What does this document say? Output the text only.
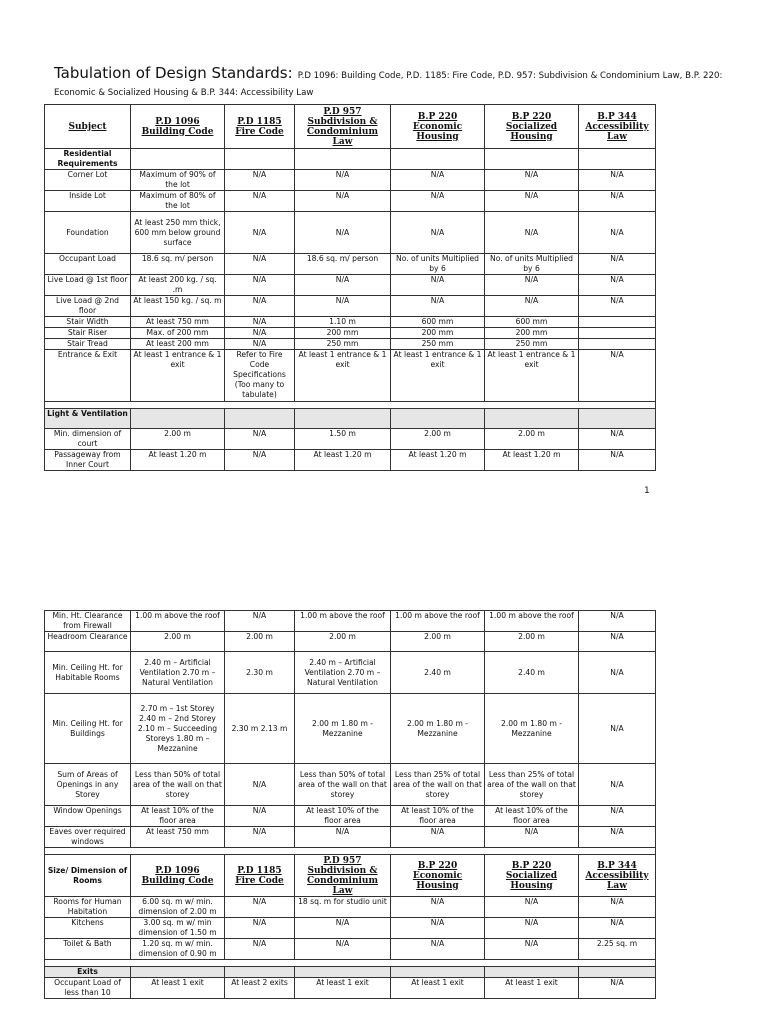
Tabulation of Design Standards: P.D 1096: Building Code, P.D. 1185: Fire Code, P.D. 957: Subdivision & Condominium Law, B.P. 220: Economic & Socialized Housing & B.P. 344: Accessibility Law
Subject	P.D 1096 Building Code	P.D 1185 Fire Code	P.D 957 Subdivision & Condominium Law	B.P 220 Economic Housing	B.P 220 Socialized Housing	B.P 344 Accessibility Law
Residential Requirements						
Corner Lot	Maximum of 90% of the lot	N/A	N/A	N/A	N/A	N/A
Inside Lot	Maximum of 80% of the lot	N/A	N/A	N/A	N/A	N/A
Foundation	At least 250 mm thick, 600 mm below ground surface	N/A	N/A	N/A	N/A	N/A
Occupant Load	18.6 sq. m/ person	N/A	18.6 sq. m/ person	No. of units Multiplied by 6	No. of units Multiplied by 6	N/A
Live Load @ 1st floor	At least 200 kg. / sq. .m	N/A	N/A	N/A	N/A	N/A
Live Load @ 2nd floor	At least 150 kg. / sq. m	N/A	N/A	N/A	N/A	N/A
Stair Width	At least 750 mm	N/A	1.10 m	600 mm	600 mm	
Stair Riser	Max. of 200 mm	N/A	200 mm	200 mm	200 mm	
Stair Tread	At least 200 mm	N/A	250 mm	250 mm	250 mm	
Entrance & Exit	At least 1 entrance & 1 exit	Refer to Fire Code Specifications (Too many to tabulate)	At least 1 entrance & 1 exit	At least 1 entrance & 1 exit	At least 1 entrance & 1 exit	N/A

Light & Ventilation						
Min. dimension of court	2.00 m	N/A	1.50 m	2.00 m	2.00 m	N/A
Passageway from Inner Court	At least 1.20 m	N/A	At least 1.20 m	At least 1.20 m	At least 1.20 m	N/A
1
Min. Ht. Clearance from Firewall	1.00 m above the roof	N/A	1.00 m above the roof	1.00 m above the roof	1.00 m above the roof	N/A
Headroom Clearance	2.00 m	2.00 m	2.00 m	2.00 m	2.00 m	N/A
Min. Ceiling Ht. for Habitable Rooms	2.40 m – Artificial Ventilation 2.70 m – Natural Ventilation	2.30 m	2.40 m – Artificial Ventilation 2.70 m – Natural Ventilation	2.40 m	2.40 m	N/A
Min. Ceiling Ht. for Buildings	2.70 m – 1st Storey 2.40 m – 2nd Storey 2.10 m – Succeeding Storeys 1.80 m – Mezzanine	2.30 m 2.13 m	2.00 m 1.80 m - Mezzanine	2.00 m 1.80 m - Mezzanine	2.00 m 1.80 m - Mezzanine	N/A
Sum of Areas of Openings in any Storey	Less than 50% of total area of the wall on that storey	N/A	Less than 50% of total area of the wall on that storey	Less than 25% of total area of the wall on that storey	Less than 25% of total area of the wall on that storey	N/A
Window Openings	At least 10% of the floor area	N/A	At least 10% of the floor area	At least 10% of the floor area	At least 10% of the floor area	N/A
Eaves over required windows	At least 750 mm	N/A	N/A	N/A	N/A	N/A

Size/ Dimension of Rooms	P.D 1096 Building Code	P.D 1185 Fire Code	P.D 957 Subdivision & Condominium Law	B.P 220 Economic Housing	B.P 220 Socialized Housing	B.P 344 Accessibility Law
Rooms for Human Habitation	6.00 sq. m w/ min. dimension of 2.00 m	N/A	18 sq. m for studio unit	N/A	N/A	N/A
Kitchens	3.00 sq. m w/ min dimension of 1.50 m	N/A	N/A	N/A	N/A	N/A
Toilet & Bath	1.20 sq. m w/ min. dimension of 0.90 m	N/A	N/A	N/A	N/A	2.25 sq. m

Exits						
Occupant Load of less than 10	At least 1 exit	At least 2 exits	At least 1 exit	At least 1 exit	At least 1 exit	N/A
